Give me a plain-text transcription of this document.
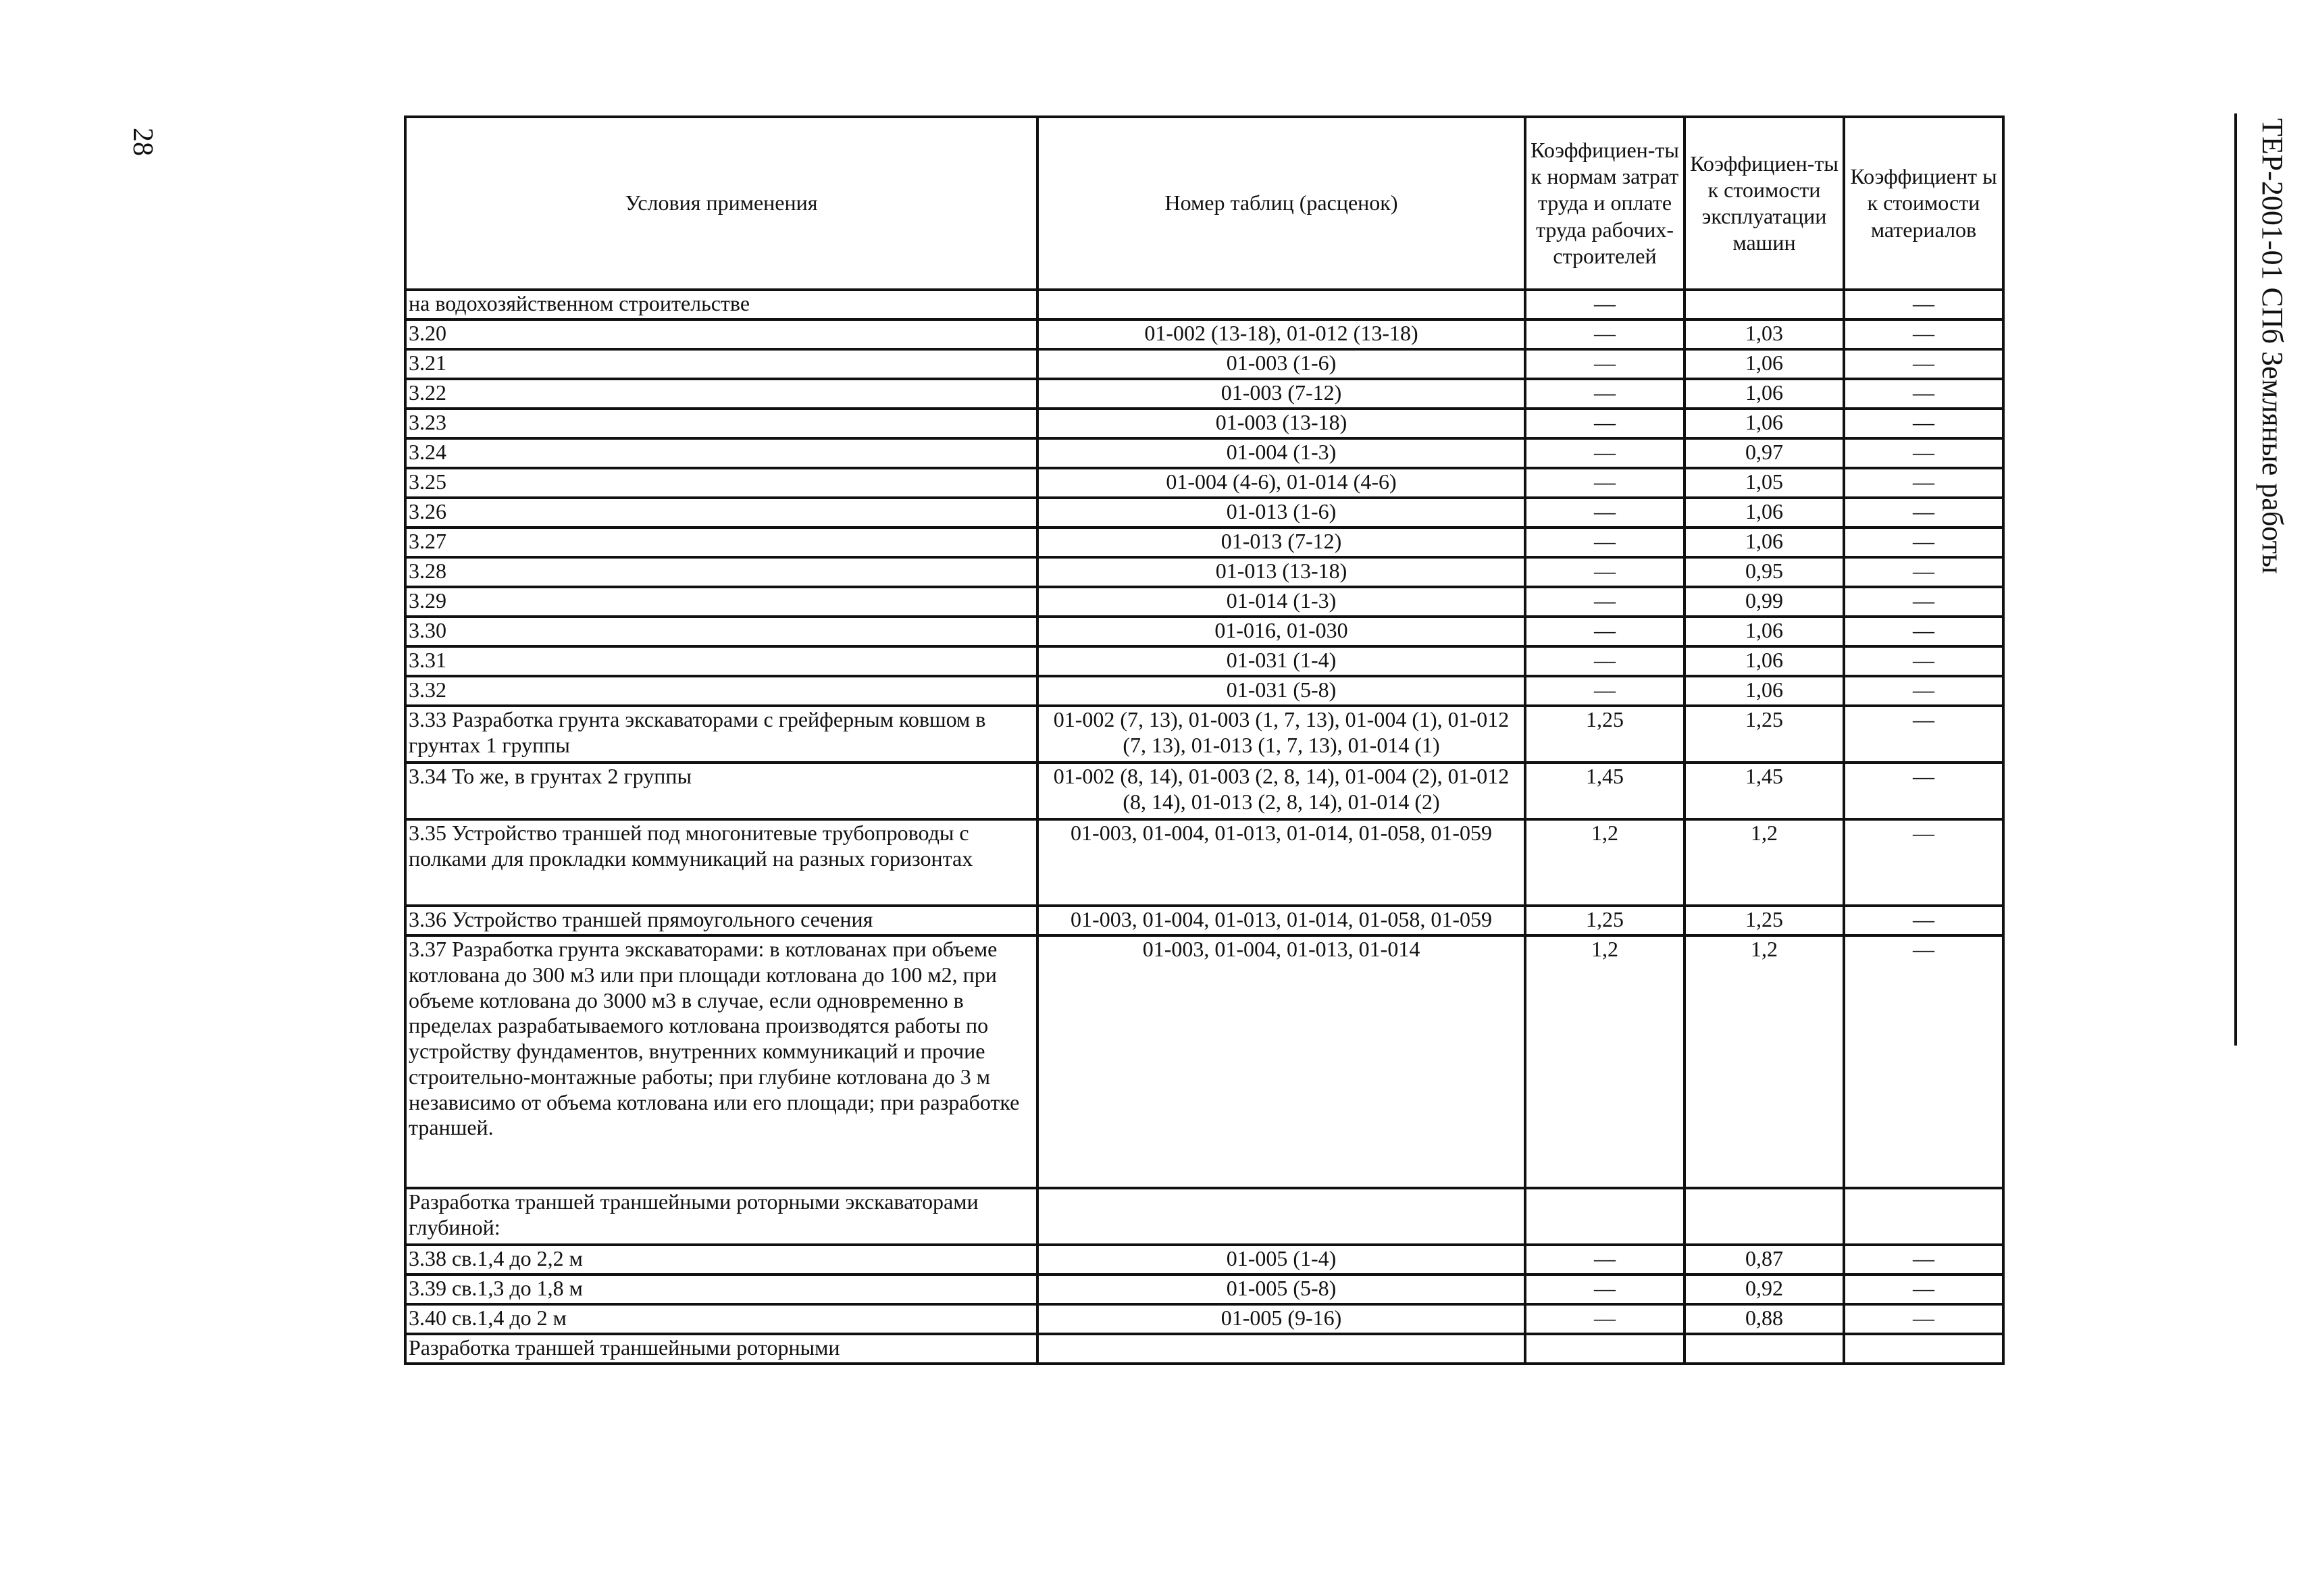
28	ТЕР-2001-01 СПб Земляные работы
Условия применения	Номер таблиц (расценок)	Коэффициен-ты к нормам затрат труда и оплате труда рабочих-строителей	Коэффициен-ты к стоимости эксплуатации машин	Коэффициент ы к стоимости материалов
на водохозяйственном строительстве		—		—
3.20	01-002 (13-18), 01-012 (13-18)	—	1,03	—
3.21	01-003 (1-6)	—	1,06	—
3.22	01-003 (7-12)	—	1,06	—
3.23	01-003 (13-18)	—	1,06	—
3.24	01-004 (1-3)	—	0,97	—
3.25	01-004 (4-6), 01-014 (4-6)	—	1,05	—
3.26	01-013 (1-6)	—	1,06	—
3.27	01-013 (7-12)	—	1,06	—
3.28	01-013 (13-18)	—	0,95	—
3.29	01-014 (1-3)	—	0,99	—
3.30	01-016, 01-030	—	1,06	—
3.31	01-031 (1-4)	—	1,06	—
3.32	01-031 (5-8)	—	1,06	—
3.33 Разработка грунта экскаваторами с грейферным ковшом в грунтах 1 группы	01-002 (7, 13), 01-003 (1, 7, 13), 01-004 (1), 01-012 (7, 13), 01-013 (1, 7, 13), 01-014 (1)	1,25	1,25	—
3.34 То же, в грунтах 2 группы	01-002 (8, 14), 01-003 (2, 8, 14), 01-004 (2), 01-012 (8, 14), 01-013 (2, 8, 14), 01-014 (2)	1,45	1,45	—
3.35 Устройство траншей под многонитевые трубопроводы с полками для прокладки коммуникаций на разных горизонтах	01-003, 01-004, 01-013, 01-014, 01-058, 01-059	1,2	1,2	—
3.36 Устройство траншей прямоугольного сечения	01-003, 01-004, 01-013, 01-014, 01-058, 01-059	1,25	1,25	—
3.37 Разработка грунта экскаваторами: в котлованах при объеме котлована до 300 м3 или при площади котлована до 100 м2, при объеме котлована до 3000 м3 в случае, если одновременно в пределах разрабатываемого котлована производятся работы по устройству фундаментов, внутренних коммуникаций и прочие строительно-монтажные работы; при глубине котлована до 3 м независимо от объема котлована или его площади; при разработке траншей.	01-003, 01-004, 01-013, 01-014	1,2	1,2	—
Разработка траншей траншейными роторными экскаваторами глубиной:				
3.38 св.1,4 до 2,2 м	01-005 (1-4)	—	0,87	—
3.39 св.1,3 до 1,8 м	01-005 (5-8)	—	0,92	—
3.40 св.1,4 до 2 м	01-005 (9-16)	—	0,88	—
Разработка траншей траншейными роторными				
